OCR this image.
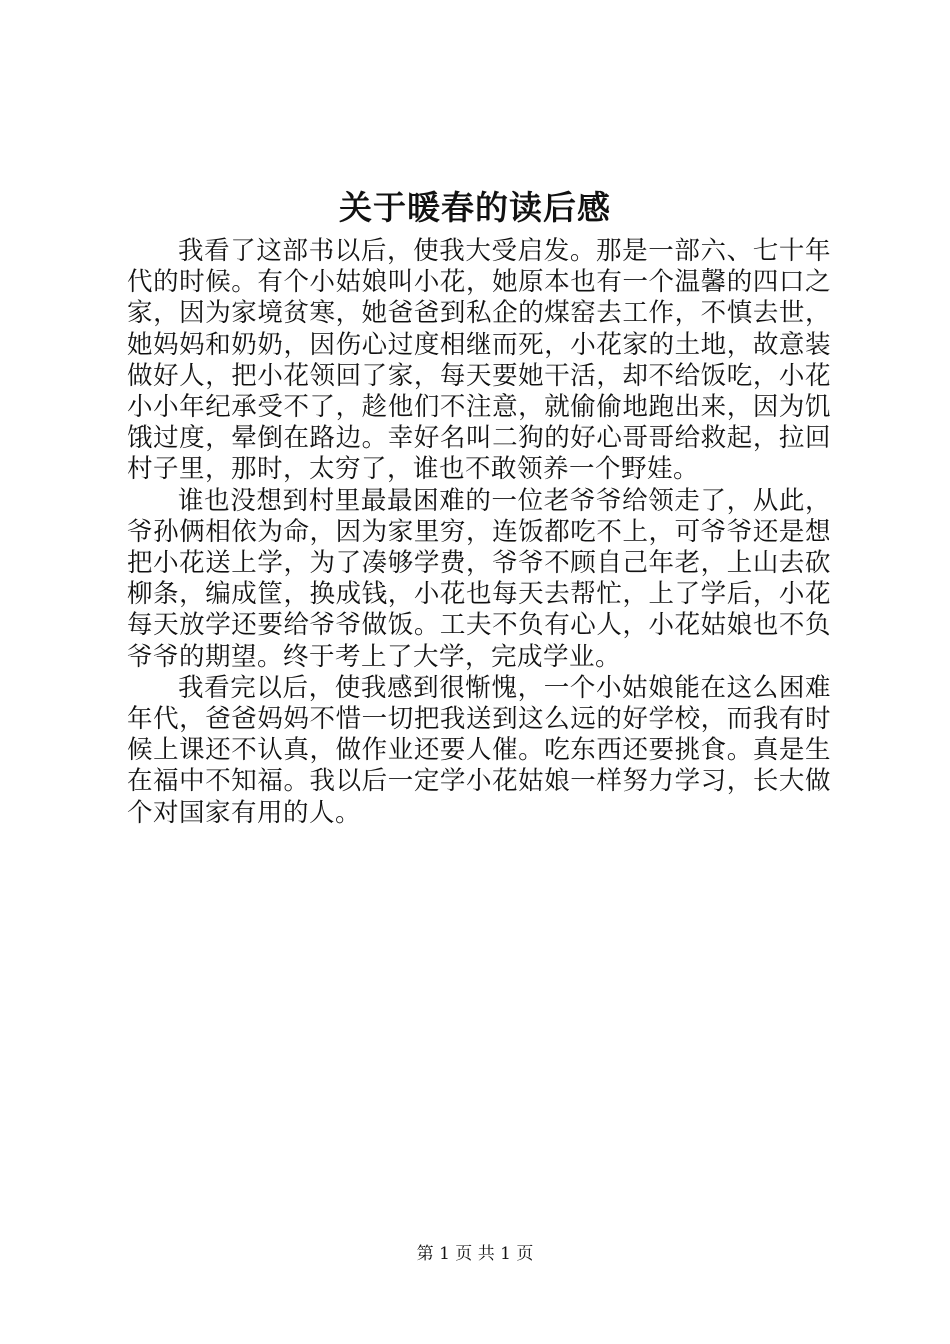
关于暖春的读后感

我看了这部书以后，使我大受启发。那是一部六、七十年代的时候。有个小姑娘叫小花，她原本也有一个温馨的四口之家，因为家境贫寒，她爸爸到私企的煤窑去工作，不慎去世，她妈妈和奶奶，因伤心过度相继而死，小花家的土地，故意装做好人，把小花领回了家，每天要她干活，却不给饭吃，小花小小年纪承受不了，趁他们不注意，就偷偷地跑出来，因为饥饿过度，晕倒在路边。幸好名叫二狗的好心哥哥给救起，拉回村子里，那时，太穷了，谁也不敢领养一个野娃。

谁也没想到村里最最困难的一位老爷爷给领走了，从此，爷孙俩相依为命，因为家里穷，连饭都吃不上，可爷爷还是想把小花送上学，为了凑够学费，爷爷不顾自己年老，上山去砍柳条，编成筐，换成钱，小花也每天去帮忙，上了学后，小花每天放学还要给爷爷做饭。工夫不负有心人，小花姑娘也不负爷爷的期望。终于考上了大学，完成学业。

我看完以后，使我感到很惭愧，一个小姑娘能在这么困难年代，爸爸妈妈不惜一切把我送到这么远的好学校，而我有时候上课还不认真，做作业还要人催。吃东西还要挑食。真是生在福中不知福。我以后一定学小花姑娘一样努力学习，长大做个对国家有用的人。

第 1 页 共 1 页
